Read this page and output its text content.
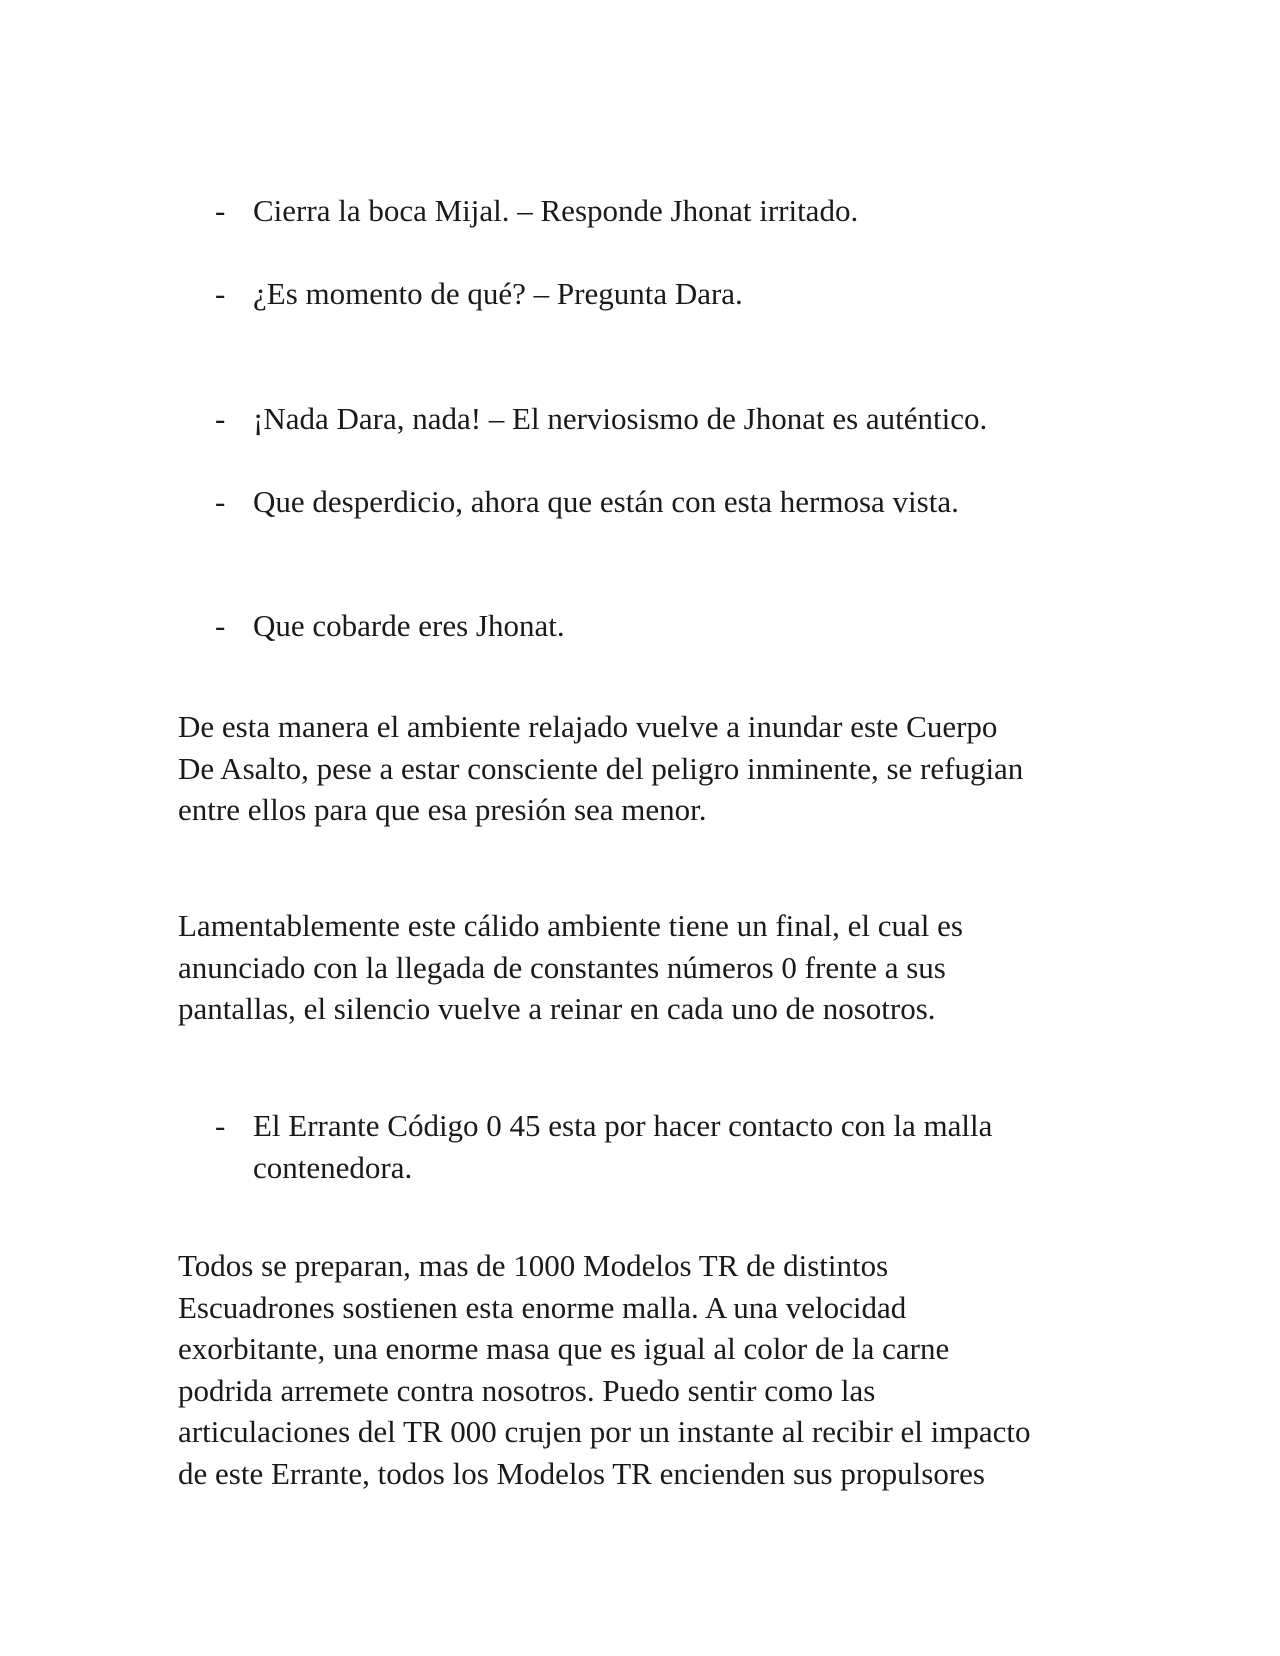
- Cierra la boca Mijal. – Responde Jhonat irritado.
- ¿Es momento de qué? – Pregunta Dara.
- ¡Nada Dara, nada! – El nerviosismo de Jhonat es auténtico.
- Que desperdicio, ahora que están con esta hermosa vista.
- Que cobarde eres Jhonat.
De esta manera el ambiente relajado vuelve a inundar este Cuerpo
De Asalto, pese a estar consciente del peligro inminente, se refugian
entre ellos para que esa presión sea menor.
Lamentablemente este cálido ambiente tiene un final, el cual es
anunciado con la llegada de constantes números 0 frente a sus
pantallas, el silencio vuelve a reinar en cada uno de nosotros.
- El Errante Código 0 45 esta por hacer contacto con la malla
contenedora.
Todos se preparan, mas de 1000 Modelos TR de distintos
Escuadrones sostienen esta enorme malla. A una velocidad
exorbitante, una enorme masa que es igual al color de la carne
podrida arremete contra nosotros. Puedo sentir como las
articulaciones del TR 000 crujen por un instante al recibir el impacto
de este Errante, todos los Modelos TR encienden sus propulsores
